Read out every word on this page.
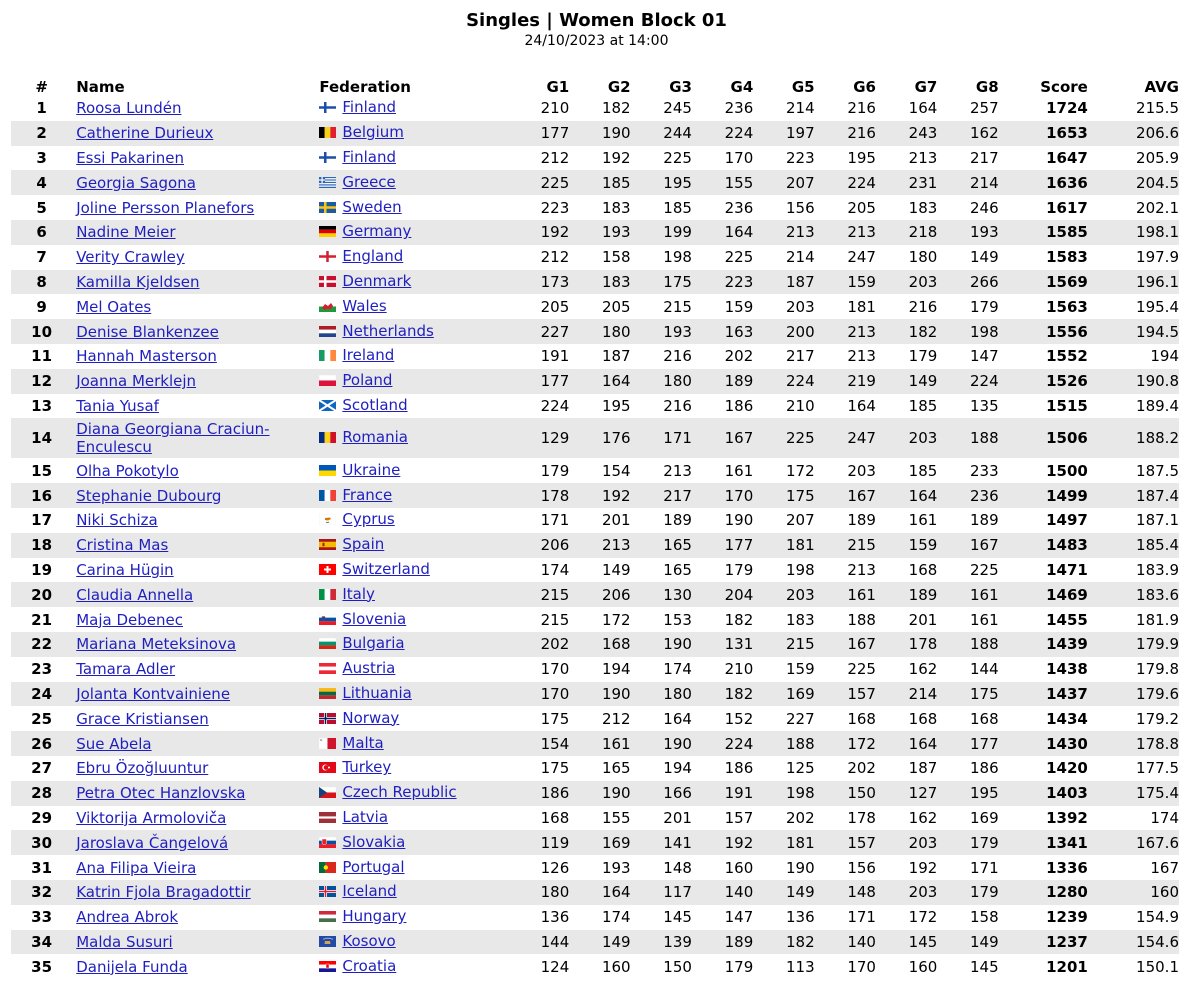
Singles | Women Block 01
24/10/2023 at 14:00
#	Name	Federation	G1	G2	G3	G4	G5	G6	G7	G8	Score	AVG
1	Roosa Lundén	Finland	210	182	245	236	214	216	164	257	1724	215.5
2	Catherine Durieux	Belgium	177	190	244	224	197	216	243	162	1653	206.6
3	Essi Pakarinen	Finland	212	192	225	170	223	195	213	217	1647	205.9
4	Georgia Sagona	Greece	225	185	195	155	207	224	231	214	1636	204.5
5	Joline Persson Planefors	Sweden	223	183	185	236	156	205	183	246	1617	202.1
6	Nadine Meier	Germany	192	193	199	164	213	213	218	193	1585	198.1
7	Verity Crawley	England	212	158	198	225	214	247	180	149	1583	197.9
8	Kamilla Kjeldsen	Denmark	173	183	175	223	187	159	203	266	1569	196.1
9	Mel Oates	Wales	205	205	215	159	203	181	216	179	1563	195.4
10	Denise Blankenzee	Netherlands	227	180	193	163	200	213	182	198	1556	194.5
11	Hannah Masterson	Ireland	191	187	216	202	217	213	179	147	1552	194
12	Joanna Merklejn	Poland	177	164	180	189	224	219	149	224	1526	190.8
13	Tania Yusaf	Scotland	224	195	216	186	210	164	185	135	1515	189.4
14	Diana Georgiana Craciun-Enculescu	Romania	129	176	171	167	225	247	203	188	1506	188.2
15	Olha Pokotylo	Ukraine	179	154	213	161	172	203	185	233	1500	187.5
16	Stephanie Dubourg	France	178	192	217	170	175	167	164	236	1499	187.4
17	Niki Schiza	Cyprus	171	201	189	190	207	189	161	189	1497	187.1
18	Cristina Mas	Spain	206	213	165	177	181	215	159	167	1483	185.4
19	Carina Hügin	Switzerland	174	149	165	179	198	213	168	225	1471	183.9
20	Claudia Annella	Italy	215	206	130	204	203	161	189	161	1469	183.6
21	Maja Debenec	Slovenia	215	172	153	182	183	188	201	161	1455	181.9
22	Mariana Meteksinova	Bulgaria	202	168	190	131	215	167	178	188	1439	179.9
23	Tamara Adler	Austria	170	194	174	210	159	225	162	144	1438	179.8
24	Jolanta Kontvainiene	Lithuania	170	190	180	182	169	157	214	175	1437	179.6
25	Grace Kristiansen	Norway	175	212	164	152	227	168	168	168	1434	179.2
26	Sue Abela	Malta	154	161	190	224	188	172	164	177	1430	178.8
27	Ebru Özoğluuntur	Turkey	175	165	194	186	125	202	187	186	1420	177.5
28	Petra Otec Hanzlovska	Czech Republic	186	190	166	191	198	150	127	195	1403	175.4
29	Viktorija Armolovič̌a	Latvia	168	155	201	157	202	178	162	169	1392	174
30	Jaroslava Čangelová	Slovakia	119	169	141	192	181	157	203	179	1341	167.6
31	Ana Filipa Vieira	Portugal	126	193	148	160	190	156	192	171	1336	167
32	Katrin Fjola Bragadottir	Iceland	180	164	117	140	149	148	203	179	1280	160
33	Andrea Abrok	Hungary	136	174	145	147	136	171	172	158	1239	154.9
34	Malda Susuri	Kosovo	144	149	139	189	182	140	145	149	1237	154.6
35	Danijela Funda	Croatia	124	160	150	179	113	170	160	145	1201	150.1
